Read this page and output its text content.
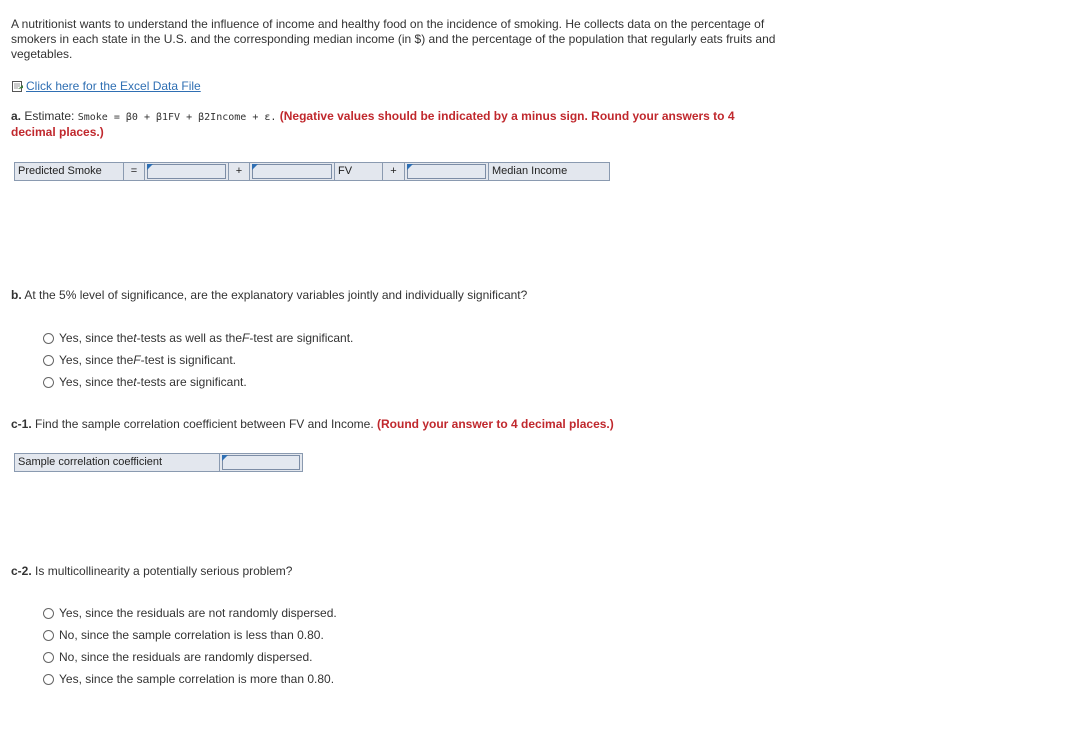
A nutritionist wants to understand the influence of income and healthy food on the incidence of smoking. He collects data on the percentage of smokers in each state in the U.S. and the corresponding median income (in $) and the percentage of the population that regularly eats fruits and vegetables.
Click here for the Excel Data File
a. Estimate: Smoke = β0 + β1FV + β2Income + ε. (Negative values should be indicated by a minus sign. Round your answers to 4
decimal places.)
Predicted Smoke	=	+	FV	+	Median Income
b. At the 5% level of significance, are the explanatory variables jointly and individually significant?
Yes, since the t -tests as well as the F -test are significant.
Yes, since the F -test is significant.
Yes, since the t -tests are significant.
c-1. Find the sample correlation coefficient between FV and Income. (Round your answer to 4 decimal places.)
Sample correlation coefficient
c-2. Is multicollinearity a potentially serious problem?
Yes, since the residuals are not randomly dispersed.
No, since the sample correlation is less than 0.80.
No, since the residuals are randomly dispersed.
Yes, since the sample correlation is more than 0.80.
